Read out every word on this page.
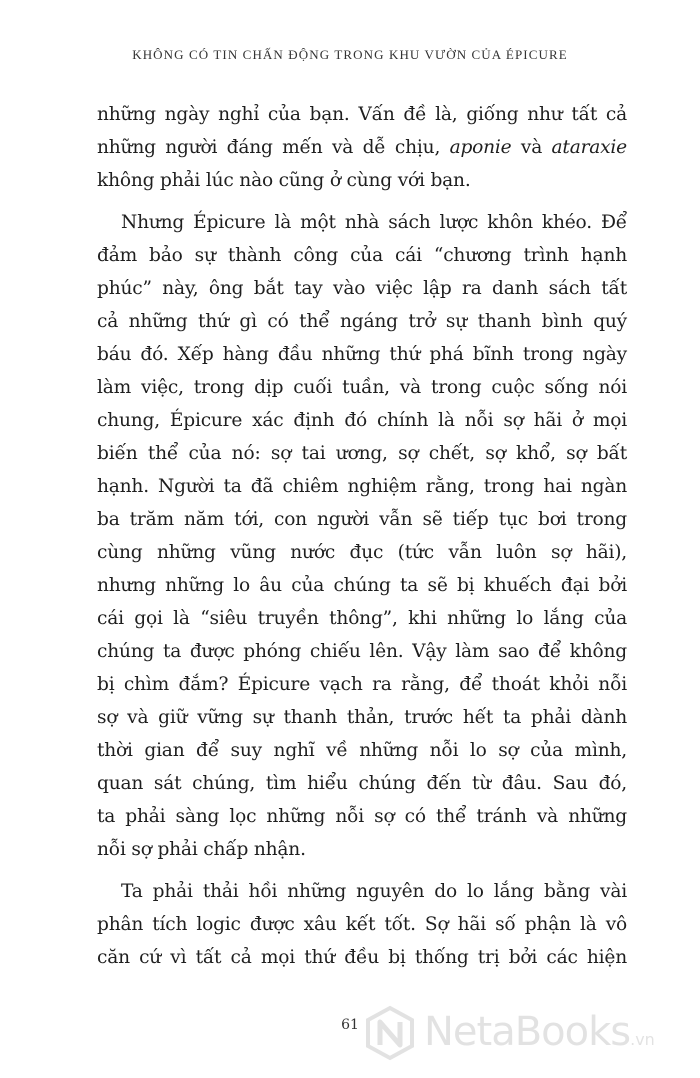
KHÔNG CÓ TIN CHẤN ĐỘNG TRONG KHU VƯỜN CỦA ÉPICURE
những ngày nghỉ của bạn. Vấn đề là, giống như tất cả
những người đáng mến và dễ chịu, aponie và ataraxie
không phải lúc nào cũng ở cùng với bạn.
Nhưng Épicure là một nhà sách lược khôn khéo. Để
đảm bảo sự thành công của cái “chương trình hạnh
phúc” này, ông bắt tay vào việc lập ra danh sách tất
cả những thứ gì có thể ngáng trở sự thanh bình quý
báu đó. Xếp hàng đầu những thứ phá bĩnh trong ngày
làm việc, trong dịp cuối tuần, và trong cuộc sống nói
chung, Épicure xác định đó chính là nỗi sợ hãi ở mọi
biến thể của nó: sợ tai ương, sợ chết, sợ khổ, sợ bất
hạnh. Người ta đã chiêm nghiệm rằng, trong hai ngàn
ba trăm năm tới, con người vẫn sẽ tiếp tục bơi trong
cùng những vũng nước đục (tức vẫn luôn sợ hãi),
nhưng những lo âu của chúng ta sẽ bị khuếch đại bởi
cái gọi là “siêu truyền thông”, khi những lo lắng của
chúng ta được phóng chiếu lên. Vậy làm sao để không
bị chìm đắm? Épicure vạch ra rằng, để thoát khỏi nỗi
sợ và giữ vững sự thanh thản, trước hết ta phải dành
thời gian để suy nghĩ về những nỗi lo sợ của mình,
quan sát chúng, tìm hiểu chúng đến từ đâu. Sau đó,
ta phải sàng lọc những nỗi sợ có thể tránh và những
nỗi sợ phải chấp nhận.
Ta phải thải hồi những nguyên do lo lắng bằng vài
phân tích logic được xâu kết tốt. Sợ hãi số phận là vô
căn cứ vì tất cả mọi thứ đều bị thống trị bởi các hiện
61	NetaBooks.vn
